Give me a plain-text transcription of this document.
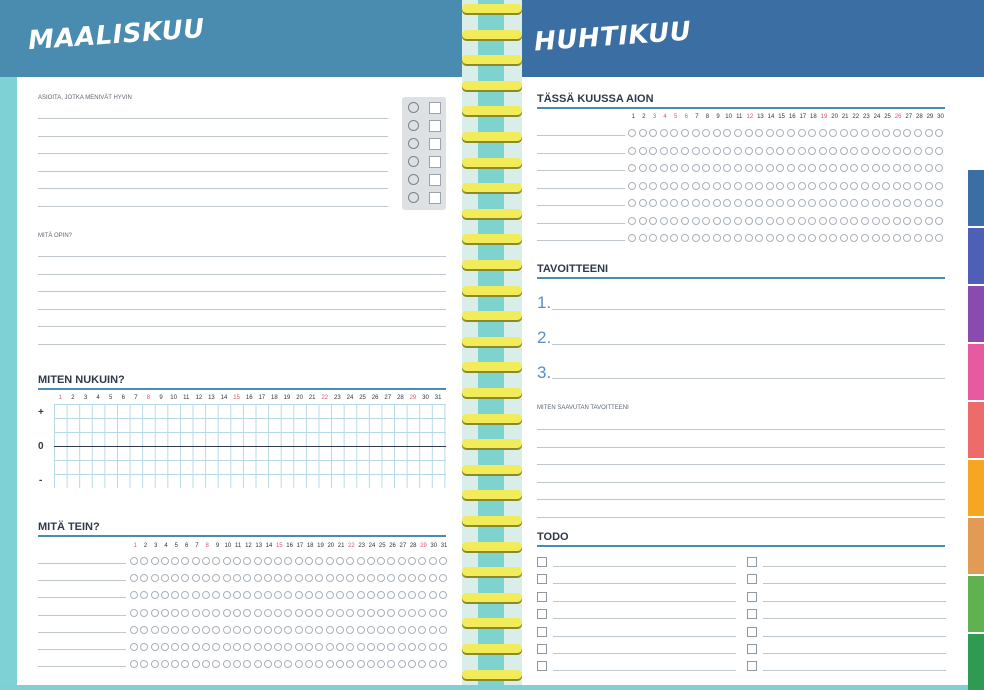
MAALISKUU
ASIOITA, JOTKA MENIVÄT HYVIN
MITÄ OPIN?
MITEN NUKUIN?
1	2	3	4	5	6	7	8	9	10	11	12 13 14 15 16 17 18 19 20 21 22 23 24 25 26 27 28 29 30 31
+
0
-
MITÄ TEIN?
1	2	3	4	5	6	7	8	9 10 11 12 13 14 15 16 17 18 19 20 21 22 23 24 25 26 27 28 29 30 31
HUHTIKUU
TÄSSÄ KUUSSA AION
1	2	3	4	5	6	7	8	9 10 11 12 13 14 15 16 17 18 19 20 21 22 23 24 25 26 27 28 29 30
TAVOITTEENI
1.
2.
3.
MITEN SAAVUTAN TAVOITTEENI
TODO
